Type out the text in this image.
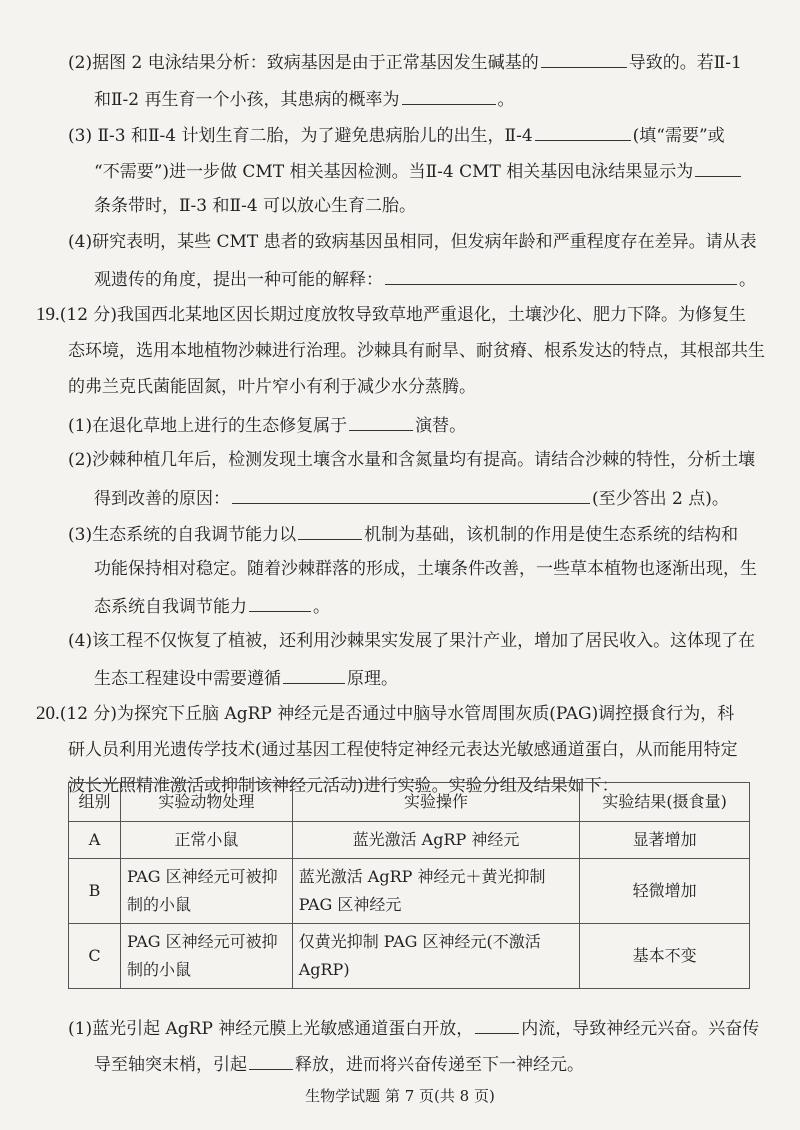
(2)据图 2 电泳结果分析：致病基因是由于正常基因发生碱基的	导致的。若Ⅱ-1
和Ⅱ-2 再生育一个小孩，其患病的概率为	。
(3) Ⅱ-3 和Ⅱ-4 计划生育二胎，为了避免患病胎儿的出生，Ⅱ-4	(填“需要”或
“不需要”)进一步做 CMT 相关基因检测。当Ⅱ-4 CMT 相关基因电泳结果显示为
条条带时，Ⅱ-3 和Ⅱ-4 可以放心生育二胎。
(4)研究表明，某些 CMT 患者的致病基因虽相同，但发病年龄和严重程度存在差异。请从表
观遗传的角度，提出一种可能的解释：	。
19.(12 分)我国西北某地区因长期过度放牧导致草地严重退化，土壤沙化、肥力下降。为修复生
态环境，选用本地植物沙棘进行治理。沙棘具有耐旱、耐贫瘠、根系发达的特点，其根部共生
的弗兰克氏菌能固氮，叶片窄小有利于减少水分蒸腾。
(1)在退化草地上进行的生态修复属于	演替。
(2)沙棘种植几年后，检测发现土壤含水量和含氮量均有提高。请结合沙棘的特性，分析土壤
得到改善的原因：	(至少答出 2 点)。
(3)生态系统的自我调节能力以	机制为基础，该机制的作用是使生态系统的结构和
功能保持相对稳定。随着沙棘群落的形成，土壤条件改善，一些草本植物也逐渐出现，生
态系统自我调节能力	。
(4)该工程不仅恢复了植被，还利用沙棘果实发展了果汁产业，增加了居民收入。这体现了在
生态工程建设中需要遵循	原理。
20.(12 分)为探究下丘脑 AgRP 神经元是否通过中脑导水管周围灰质(PAG)调控摄食行为，科
研人员利用光遗传学技术(通过基因工程使特定神经元表达光敏感通道蛋白，从而能用特定
波长光照精准激活或抑制该神经元活动)进行实验。实验分组及结果如下：
组别	实验动物处理	实验操作	实验结果(摄食量)
A	正常小鼠	蓝光激活 AgRP 神经元	显著增加
B	PAG 区神经元可被抑制的小鼠	蓝光激活 AgRP 神经元＋黄光抑制 PAG 区神经元	轻微增加
C	PAG 区神经元可被抑制的小鼠	仅黄光抑制 PAG 区神经元(不激活 AgRP)	基本不变
(1)蓝光引起 AgRP 神经元膜上光敏感通道蛋白开放，	内流，导致神经元兴奋。兴奋传
导至轴突末梢，引起	释放，进而将兴奋传递至下一神经元。
生物学试题 第 7 页(共 8 页)
